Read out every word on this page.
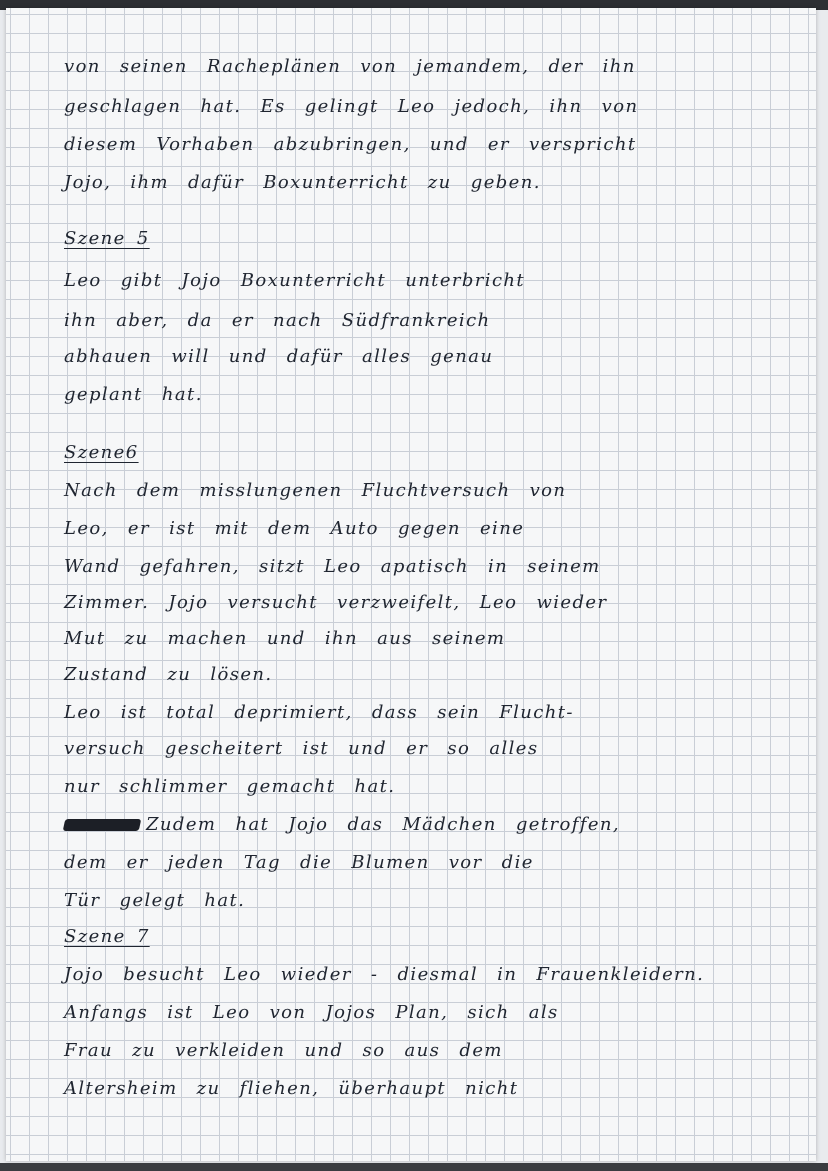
von seinen Racheplänen von jemandem, der ihn
geschlagen hat. Es gelingt Leo jedoch, ihn von
diesem Vorhaben abzubringen, und er verspricht
Jojo, ihm dafür Boxunterricht zu geben.
Szene 5
Leo gibt Jojo Boxunterricht unterbricht
ihn aber, da er nach Südfrankreich
abhauen will und dafür alles genau
geplant hat.
Szene6
Nach dem misslungenen Fluchtversuch von
Leo, er ist mit dem Auto gegen eine
Wand gefahren, sitzt Leo apatisch in seinem
Zimmer. Jojo versucht verzweifelt, Leo wieder
Mut zu machen und ihn aus seinem
Zustand zu lösen.
Leo ist total deprimiert, dass sein Flucht-
versuch gescheitert ist und er so alles
nur schlimmer gemacht hat.
Zudem hat Jojo das Mädchen getroffen,
dem er jeden Tag die Blumen vor die
Tür gelegt hat.
Szene 7
Jojo besucht Leo wieder - diesmal in Frauenkleidern.
Anfangs ist Leo von Jojos Plan, sich als
Frau zu verkleiden und so aus dem
Altersheim zu fliehen, überhaupt nicht
